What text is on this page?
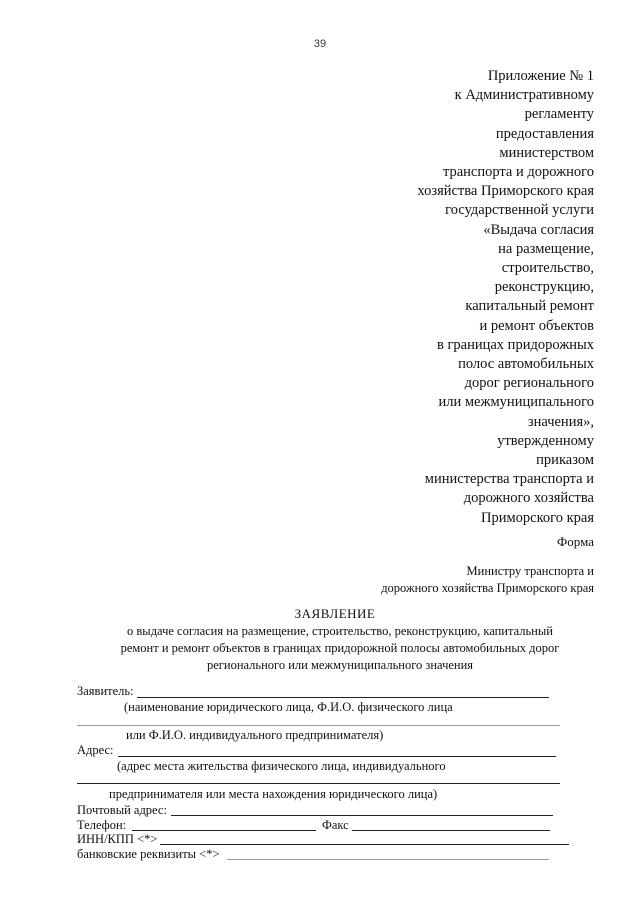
39
Приложение № 1
к Административному
регламенту
предоставления
министерством
транспорта и дорожного
хозяйства Приморского края
государственной услуги
«Выдача согласия
на размещение,
строительство,
реконструкцию,
капитальный ремонт
и ремонт объектов
в границах придорожных
полос автомобильных
дорог регионального
или межмуниципального
значения»,
утвержденному
приказом
министерства транспорта и
дорожного хозяйства
Приморского края
Форма
Министру транспорта и
дорожного хозяйства Приморского края
ЗАЯВЛЕНИЕ
о выдаче согласия на размещение, строительство, реконструкцию, капитальный
ремонт и ремонт объектов в границах придорожной полосы автомобильных дорог
регионального или межмуниципального значения
Заявитель:
(наименование юридического лица, Ф.И.О. физического лица
или Ф.И.О. индивидуального предпринимателя)
Адрес:
(адрес места жительства физического лица, индивидуального
предпринимателя или места нахождения юридического лица)
Почтовый адрес:
Телефон:	Факс
ИНН/КПП <*>
банковские реквизиты <*>
